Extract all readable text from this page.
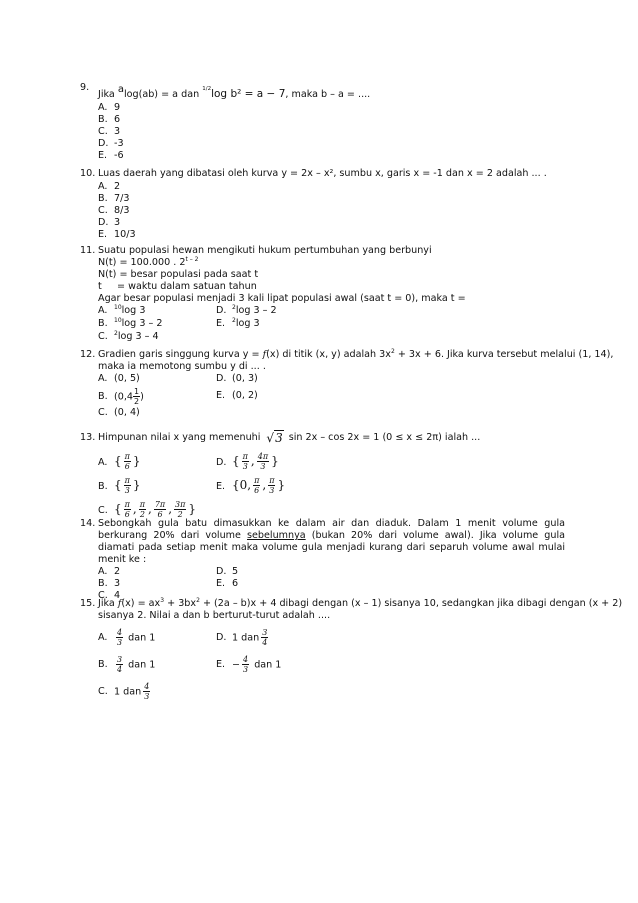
9.
Jika alog(ab) = a dan 1/2log b² = a − 7, maka b – a = ....
A. 9
B. 6
C. 3
D. -3
E. -6
10. Luas daerah yang dibatasi oleh kurva y = 2x – x², sumbu x, garis x = -1 dan x = 2 adalah ... .
A. 2
B. 7/3
C. 8/3
D. 3
E. 10/3
11. Suatu populasi hewan mengikuti hukum pertumbuhan yang berbunyi
N(t) = 100.000 . 2$^{t - 2}$
N(t) = besar populasi pada saat t
t     = waktu dalam satuan tahun
Agar besar populasi menjadi 3 kali lipat populasi awal (saat t = 0), maka t =
A. $^{10}$log 3	D. $^2$log 3 – 2
B. $^{10}$log 3 – 2	E. $^2$log 3
C. $^2$log 3 – 4
12. Gradien garis singgung kurva y = f(x) di titik (x, y) adalah $3x^2 + 3x + 6$. Jika kurva tersebut melalui (1, 14),
maka ia memotong sumbu y di ... .
A. (0, 5)	D. (0, 3)
B. ($0,4 \frac{1}{2}$ )	E. (0, 2)
C. (0, 4)
13. Himpunan nilai x yang memenuhi √3 sin 2x – cos 2x = 1 (0 ≤ x ≤ 2π) ialah ...
A. { $\frac{\pi}{6}$ }	D. { $\frac{\pi}{3}$ , $\frac{4\pi}{3}$ }
B. { $\frac{\pi}{3}$ }	E. {0, $\frac{\pi}{6}$ , $\frac{\pi}{3}$ }
C. { $\frac{\pi}{6}$ , $\frac{\pi}{2}$ , $\frac{7\pi}{6}$ , $\frac{3\pi}{2}$ }
14. Sebongkah gula batu dimasukkan ke dalam air dan diaduk. Dalam 1 menit volume gula berkurang 20% dari volume sebelumnya (bukan 20% dari volume awal). Jika volume gula diamati pada setiap menit maka volume gula menjadi kurang dari separuh volume awal mulai menit ke :
A. 2	D. 5
B. 3	E. 6
C. 4
15. Jika $f(x) = ax^3 + 3bx^2 + (2a - b)x + 4$ dibagi dengan (x – 1) sisanya 10, sedangkan jika dibagi dengan (x + 2)
sisanya 2. Nilai a dan b berturut-turut adalah ....
A. $\frac{4}{3}$ dan 1	D. 1 dan $\frac{3}{4}$
B. $\frac{3}{4}$ dan 1	E. − $\frac{4}{3}$ dan 1
C. 1 dan $\frac{4}{3}$
